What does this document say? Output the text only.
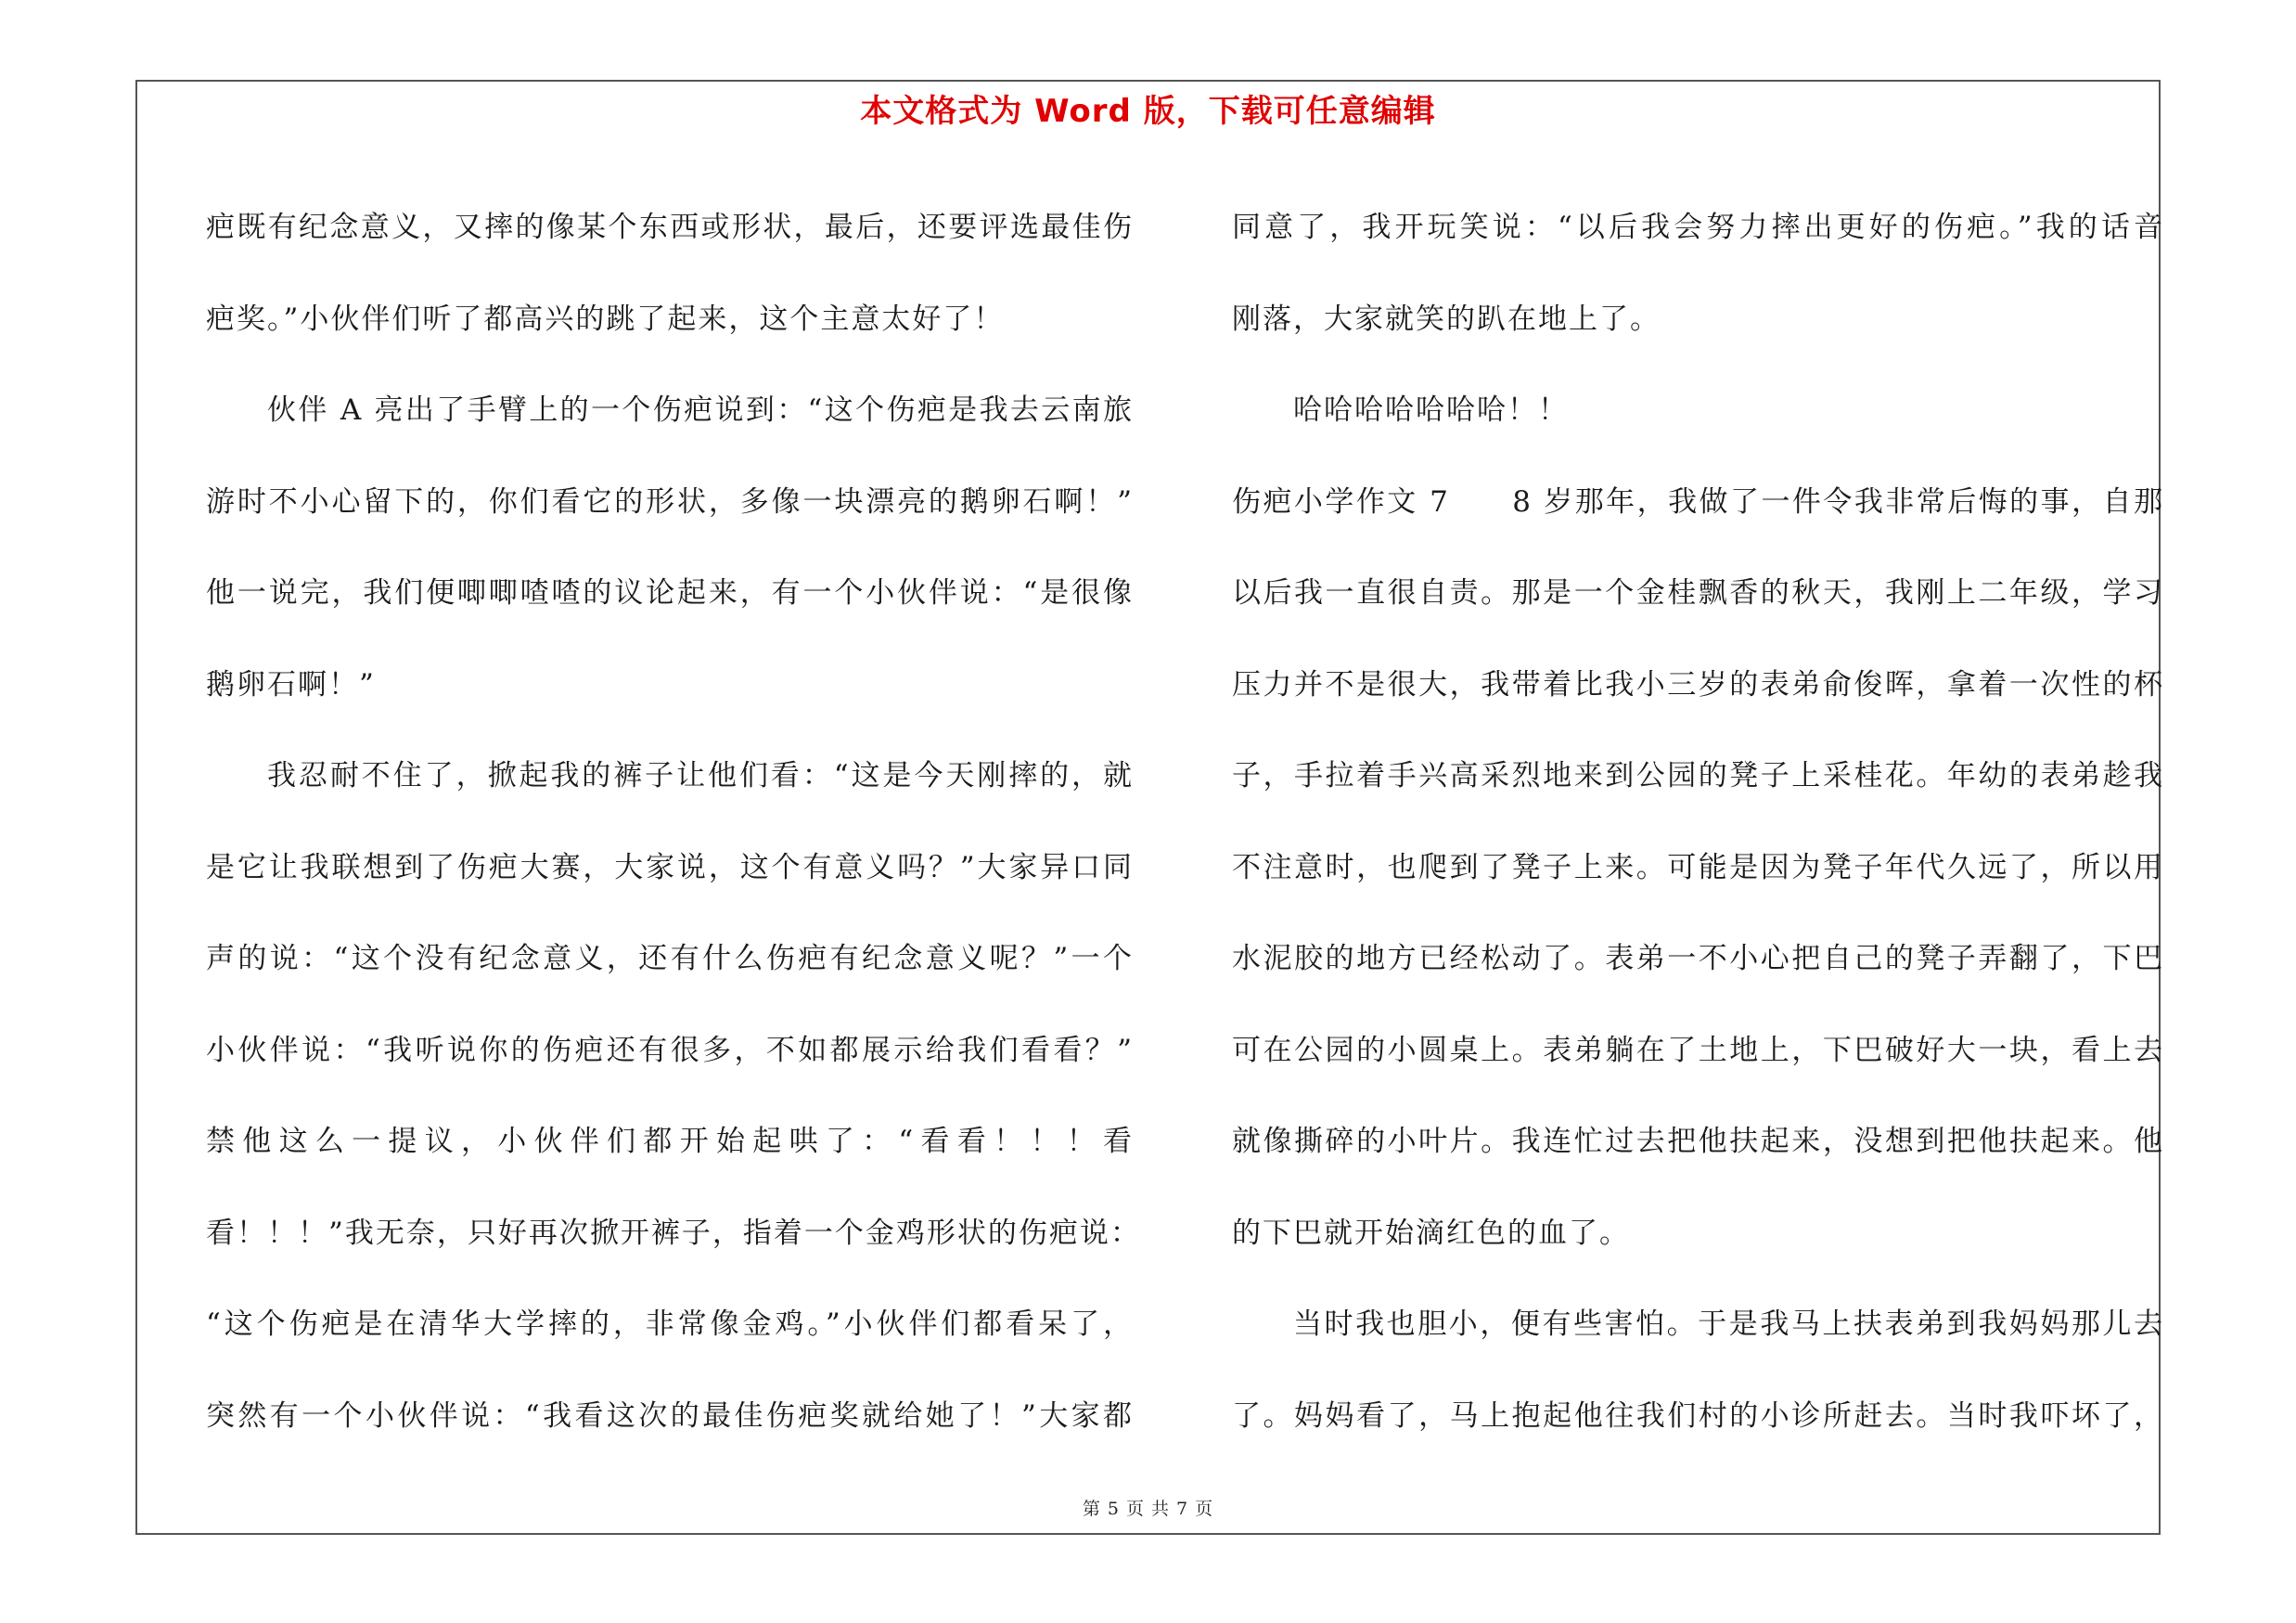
本文格式为 Word 版，下载可任意编辑

疤既有纪念意义，又摔的像某个东西或形状，最后，还要评选最佳伤

疤奖。”小伙伴们听了都高兴的跳了起来，这个主意太好了！

伙伴 A 亮出了手臂上的一个伤疤说到：“这个伤疤是我去云南旅

游时不小心留下的，你们看它的形状，多像一块漂亮的鹅卵石啊！”

他一说完，我们便唧唧喳喳的议论起来，有一个小伙伴说：“是很像

鹅卵石啊！”

我忍耐不住了，掀起我的裤子让他们看：“这是今天刚摔的，就

是它让我联想到了伤疤大赛，大家说，这个有意义吗？”大家异口同

声的说：“这个没有纪念意义，还有什么伤疤有纪念意义呢？”一个

小伙伴说：“我听说你的伤疤还有很多，不如都展示给我们看看？”

禁他这么一提议，小伙伴们都开始起哄了：“看看！！！看

看！！！”我无奈，只好再次掀开裤子，指着一个金鸡形状的伤疤说：

“这个伤疤是在清华大学摔的，非常像金鸡。”小伙伴们都看呆了，

突然有一个小伙伴说：“我看这次的最佳伤疤奖就给她了！”大家都

同意了，我开玩笑说：“以后我会努力摔出更好的伤疤。”我的话音

刚落，大家就笑的趴在地上了。

哈哈哈哈哈哈哈！！

伤疤小学作文 7　　8 岁那年，我做了一件令我非常后悔的事，自那

以后我一直很自责。那是一个金桂飘香的秋天，我刚上二年级，学习

压力并不是很大，我带着比我小三岁的表弟俞俊晖，拿着一次性的杯

子，手拉着手兴高采烈地来到公园的凳子上采桂花。年幼的表弟趁我

不注意时，也爬到了凳子上来。可能是因为凳子年代久远了，所以用

水泥胶的地方已经松动了。表弟一不小心把自己的凳子弄翻了，下巴

可在公园的小圆桌上。表弟躺在了土地上，下巴破好大一块，看上去

就像撕碎的小叶片。我连忙过去把他扶起来，没想到把他扶起来。他

的下巴就开始滴红色的血了。

当时我也胆小，便有些害怕。于是我马上扶表弟到我妈妈那儿去

了。妈妈看了，马上抱起他往我们村的小诊所赶去。当时我吓坏了，

第 5 页 共 7 页
